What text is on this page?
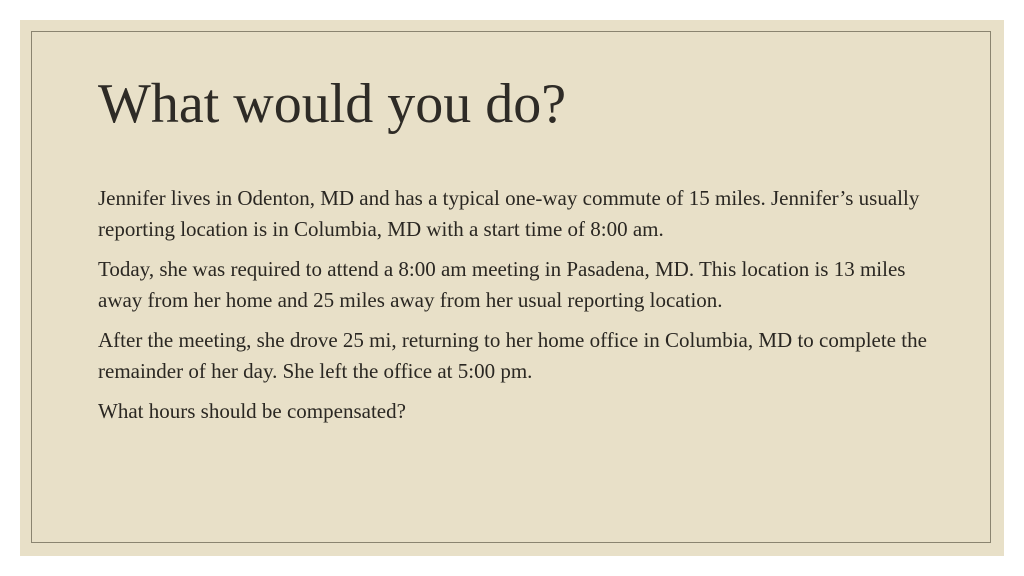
What would you do?

Jennifer lives in Odenton, MD and has a typical one-way commute of 15 miles. Jennifer’s usually reporting location is in Columbia, MD with a start time of 8:00 am.

Today, she was required to attend a 8:00 am meeting in Pasadena, MD. This location is 13 miles away from her home and 25 miles away from her usual reporting location.

After the meeting, she drove 25 mi, returning to her home office in Columbia, MD to complete the remainder of her day. She left the office at 5:00 pm.

What hours should be compensated?
